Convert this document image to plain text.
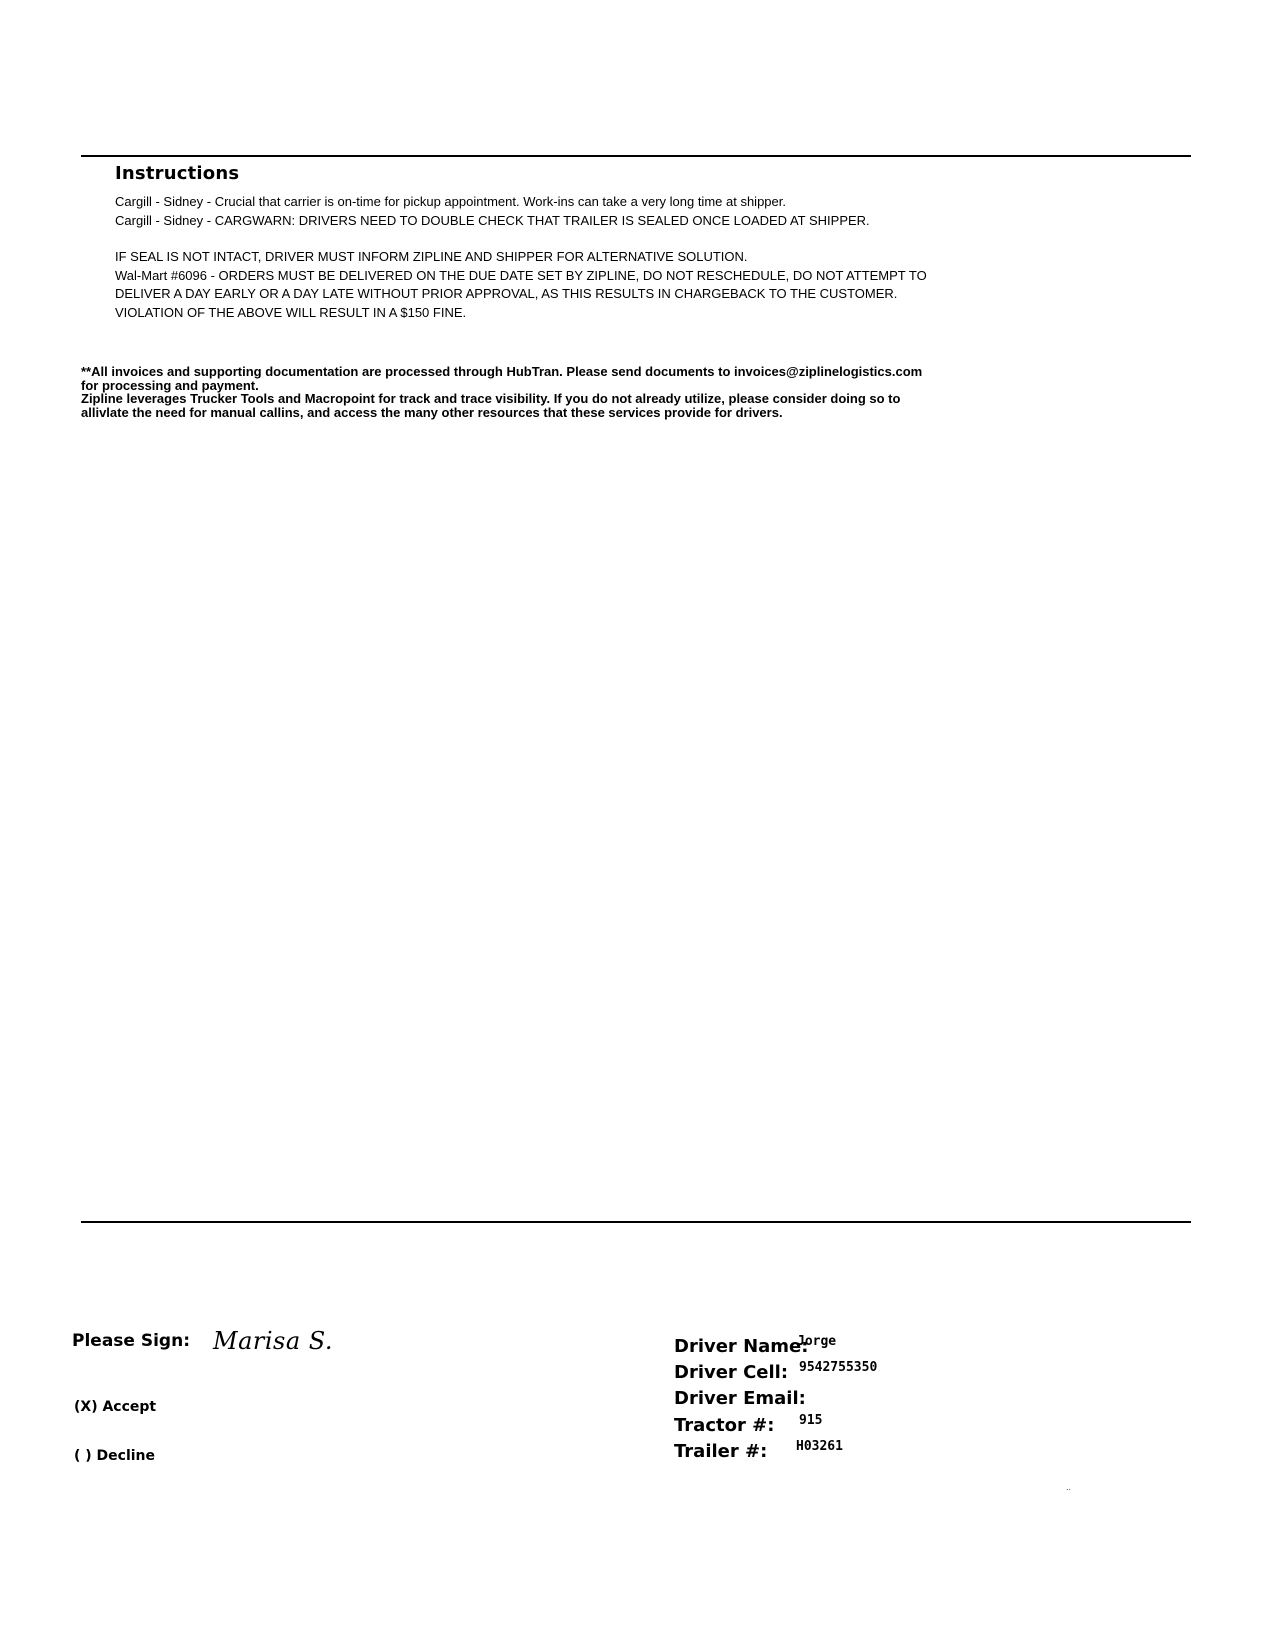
Instructions
Cargill - Sidney - Crucial that carrier is on-time for pickup appointment. Work-ins can take a very long time at shipper.
Cargill - Sidney - CARGWARN: DRIVERS NEED TO DOUBLE CHECK THAT TRAILER IS SEALED ONCE LOADED AT SHIPPER.
IF SEAL IS NOT INTACT, DRIVER MUST INFORM ZIPLINE AND SHIPPER FOR ALTERNATIVE SOLUTION.
Wal-Mart #6096 - ORDERS MUST BE DELIVERED ON THE DUE DATE SET BY ZIPLINE, DO NOT RESCHEDULE, DO NOT ATTEMPT TO
DELIVER A DAY EARLY OR A DAY LATE WITHOUT PRIOR APPROVAL, AS THIS RESULTS IN CHARGEBACK TO THE CUSTOMER.
VIOLATION OF THE ABOVE WILL RESULT IN A $150 FINE.
**All invoices and supporting documentation are processed through HubTran. Please send documents to invoices@ziplinelogistics.com
for processing and payment.
Zipline leverages Trucker Tools and Macropoint for track and trace visibility. If you do not already utilize, please consider doing so to
allivlate the need for manual callins, and access the many other resources that these services provide for drivers.
Please Sign: Marisa S.
(X) Accept
( ) Decline
Driver Name:
Jorge
Driver Cell: 9542755350
Driver Email:
Tractor #: 915
Trailer #: H03261
..
